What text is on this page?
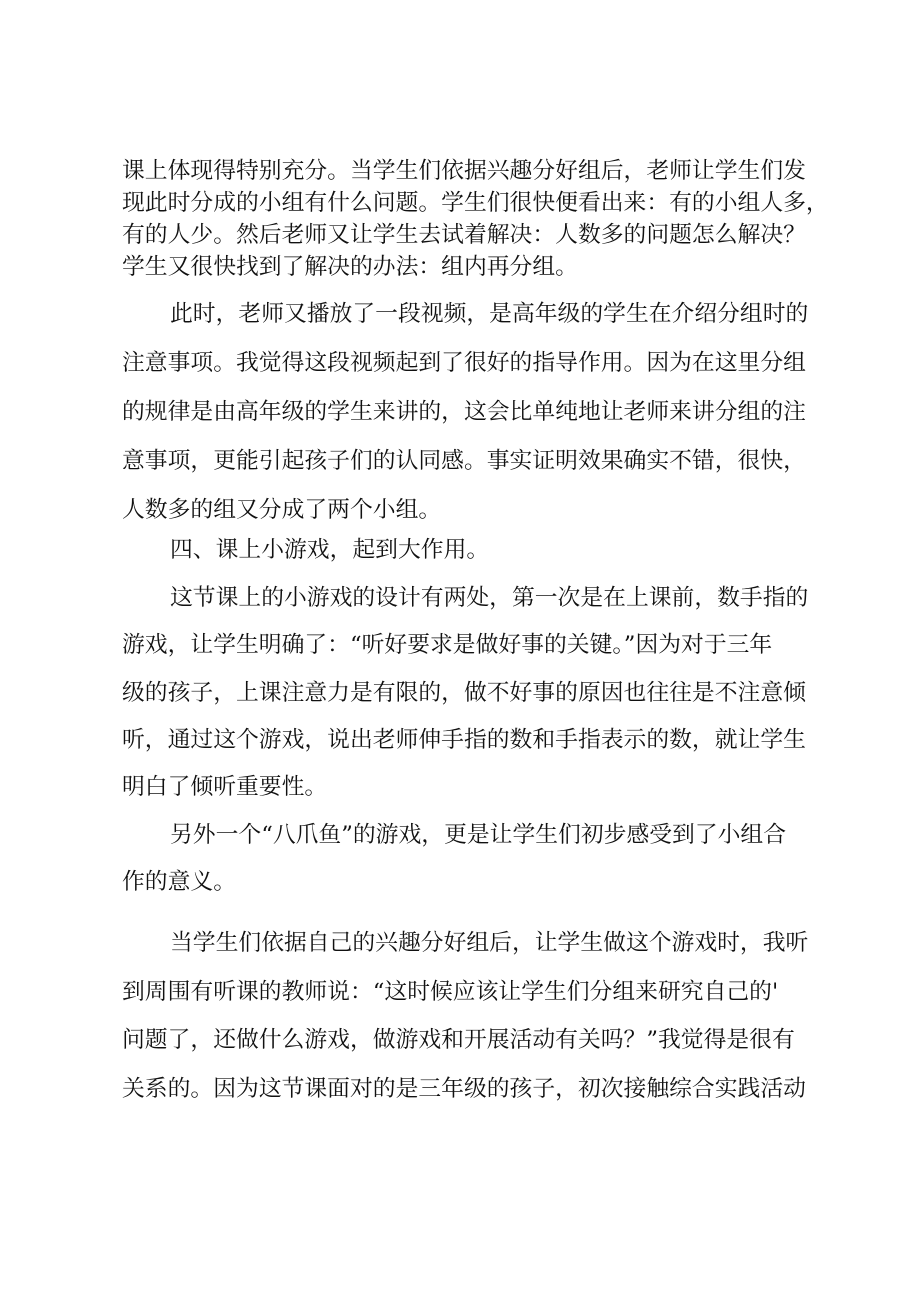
课上体现得特别充分。当学生们依据兴趣分好组后，老师让学生们发
现此时分成的小组有什么问题。学生们很快便看出来：有的小组人多，
有的人少。然后老师又让学生去试着解决：人数多的问题怎么解决？
学生又很快找到了解决的办法：组内再分组。
此时，老师又播放了一段视频，是高年级的学生在介绍分组时的
注意事项。我觉得这段视频起到了很好的指导作用。因为在这里分组
的规律是由高年级的学生来讲的，这会比单纯地让老师来讲分组的注
意事项，更能引起孩子们的认同感。事实证明效果确实不错，很快，
人数多的组又分成了两个小组。
四、课上小游戏，起到大作用。
这节课上的小游戏的设计有两处，第一次是在上课前，数手指的
游戏，让学生明确了：“听好要求是做好事的关键。”因为对于三年
级的孩子，上课注意力是有限的，做不好事的原因也往往是不注意倾
听，通过这个游戏，说出老师伸手指的数和手指表示的数，就让学生
明白了倾听重要性。
另外一个“八爪鱼”的游戏，更是让学生们初步感受到了小组合
作的意义。
当学生们依据自己的兴趣分好组后，让学生做这个游戏时，我听
到周围有听课的教师说：“这时候应该让学生们分组来研究自己的'
问题了，还做什么游戏，做游戏和开展活动有关吗？”我觉得是很有
关系的。因为这节课面对的是三年级的孩子，初次接触综合实践活动
